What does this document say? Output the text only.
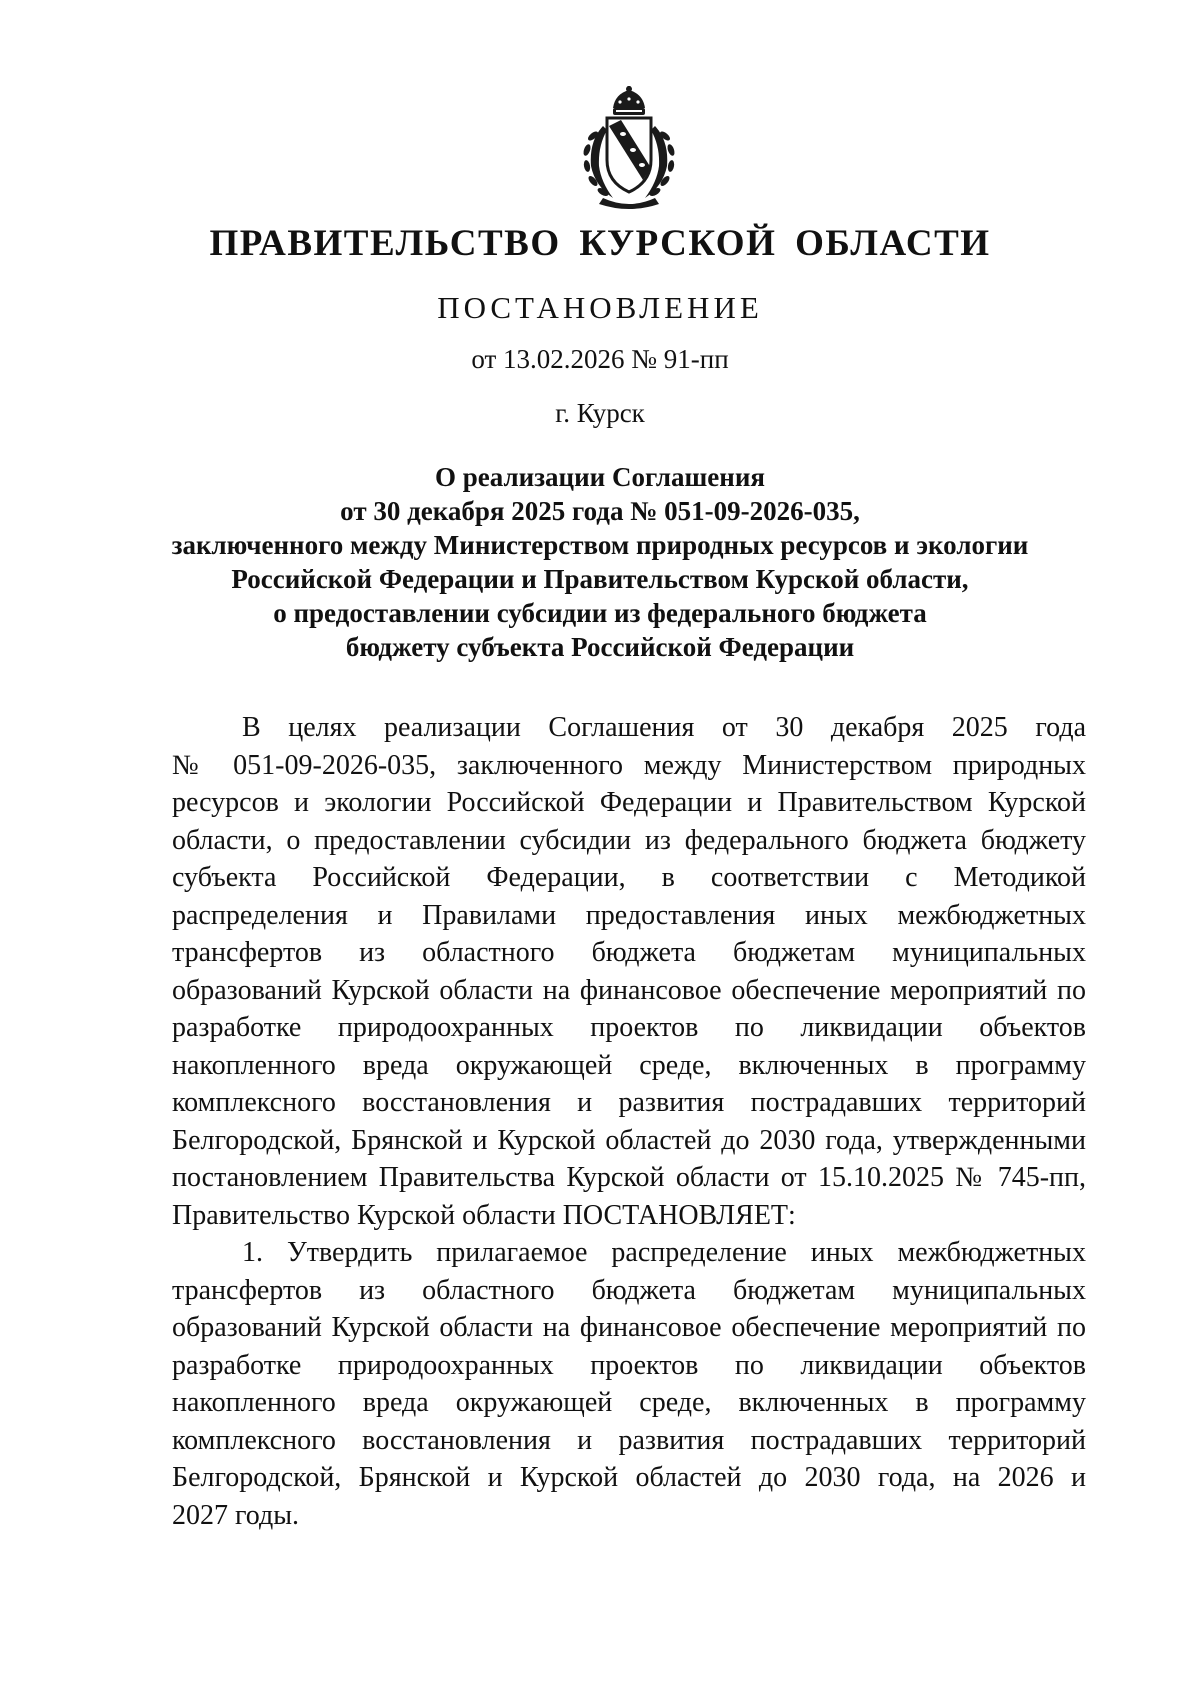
ПРАВИТЕЛЬСТВО КУРСКОЙ ОБЛАСТИ
ПОСТАНОВЛЕНИЕ
от 13.02.2026 № 91-пп
г. Курск
О реализации Соглашения
от 30 декабря 2025 года № 051-09-2026-035,
заключенного между Министерством природных ресурсов и экологии
Российской Федерации и Правительством Курской области,
о предоставлении субсидии из федерального бюджета
бюджету субъекта Российской Федерации
В целях реализации Соглашения от 30 декабря 2025 года
№ 051-09-2026-035, заключенного между Министерством природных
ресурсов и экологии Российской Федерации и Правительством Курской
области, о предоставлении субсидии из федерального бюджета бюджету
субъекта Российской Федерации, в соответствии с Методикой
распределения и Правилами предоставления иных межбюджетных
трансфертов из областного бюджета бюджетам муниципальных
образований Курской области на финансовое обеспечение мероприятий по
разработке природоохранных проектов по ликвидации объектов
накопленного вреда окружающей среде, включенных в программу
комплексного восстановления и развития пострадавших территорий
Белгородской, Брянской и Курской областей до 2030 года, утвержденными
постановлением Правительства Курской области от 15.10.2025 № 745-пп,
Правительство Курской области ПОСТАНОВЛЯЕТ:
1. Утвердить прилагаемое распределение иных межбюджетных
трансфертов из областного бюджета бюджетам муниципальных
образований Курской области на финансовое обеспечение мероприятий по
разработке природоохранных проектов по ликвидации объектов
накопленного вреда окружающей среде, включенных в программу
комплексного восстановления и развития пострадавших территорий
Белгородской, Брянской и Курской областей до 2030 года, на 2026 и
2027 годы.
